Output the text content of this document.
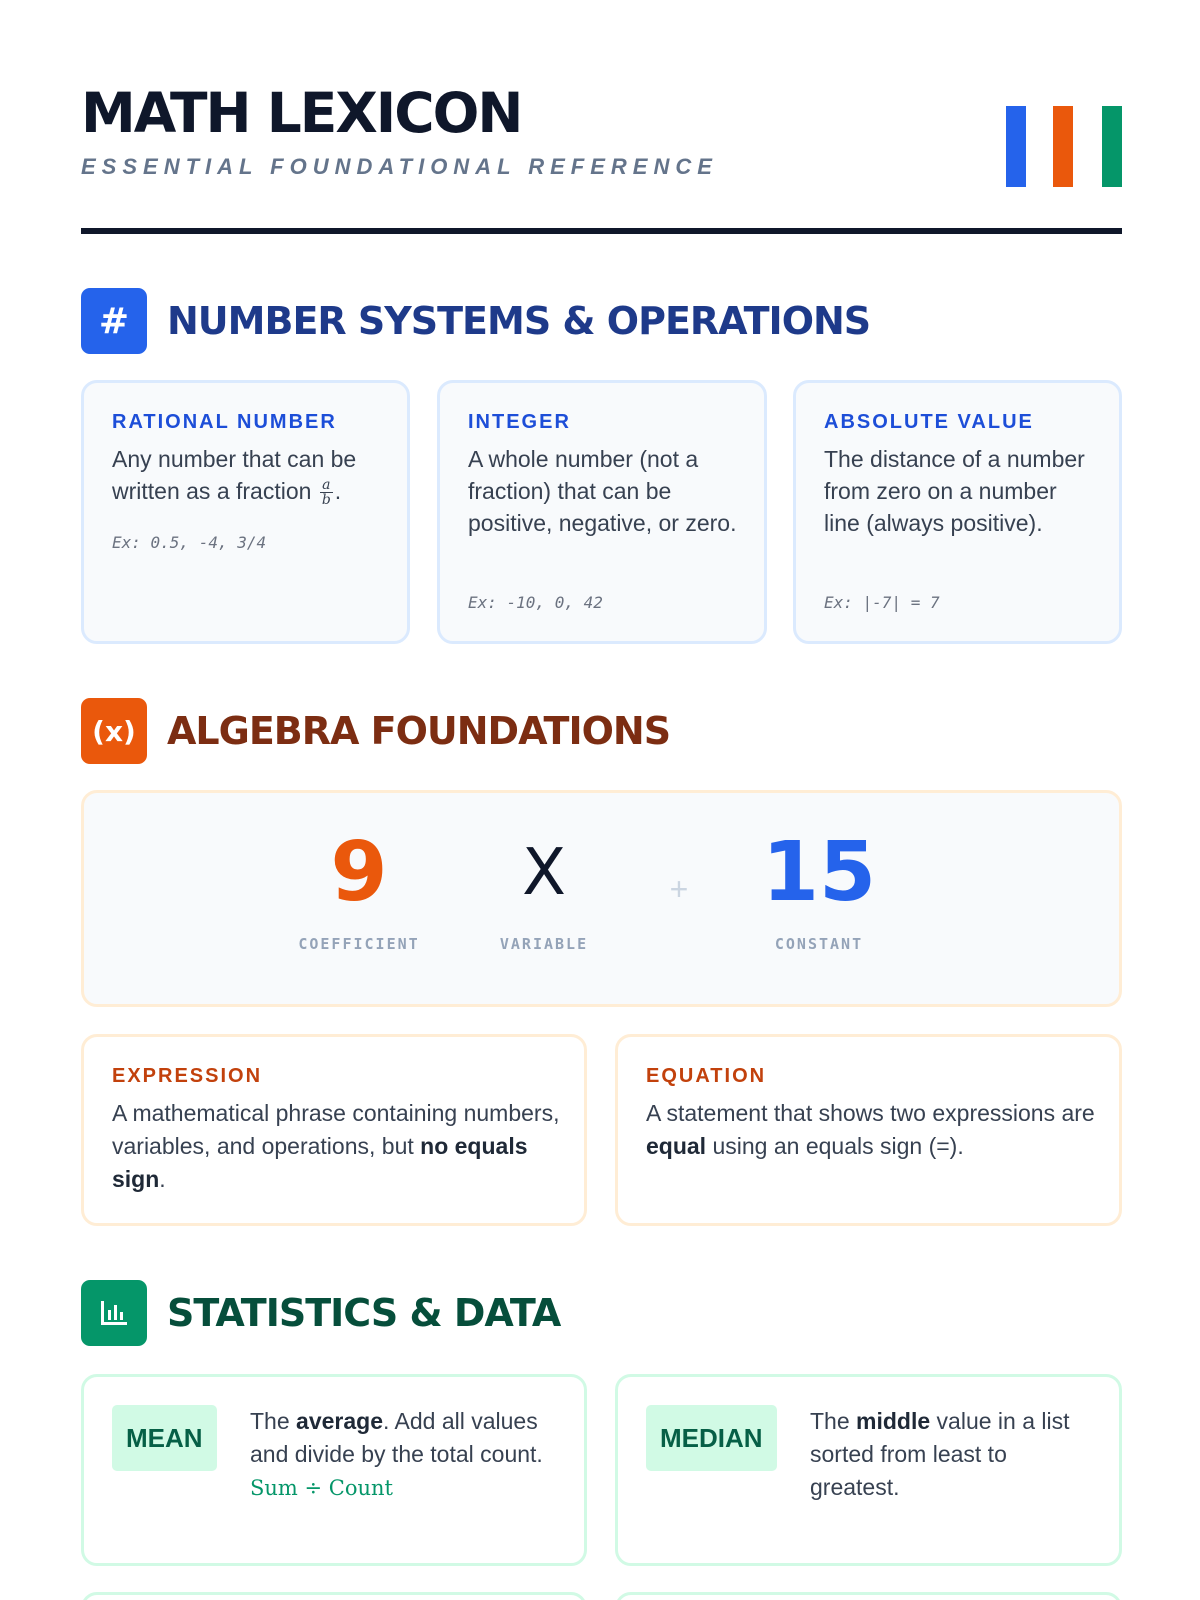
MATH LEXICON
ESSENTIAL FOUNDATIONAL REFERENCE
# NUMBER SYSTEMS & OPERATIONS
RATIONAL NUMBER
Any number that can be written as a fraction $\frac{a}{b}$ .
Ex: 0.5, -4, 3/4
INTEGER
A whole number (not a fraction) that can be positive, negative, or zero.
Ex: -10, 0, 42
ABSOLUTE VALUE
The distance of a number from zero on a number line (always positive).
Ex: |-7| = 7
(x) ALGEBRA FOUNDATIONS
9
COEFFICIENT
X
VARIABLE
+ 15
CONSTANT
EXPRESSION
A mathematical phrase containing numbers, variables, and operations, but no equals sign.
EQUATION
A statement that shows two expressions are equal using an equals sign (=).
STATISTICS & DATA
MEAN
The average. Add all values and divide by the total count.
Sum ÷ Count
MEDIAN
The middle value in a list sorted from least to greatest.
